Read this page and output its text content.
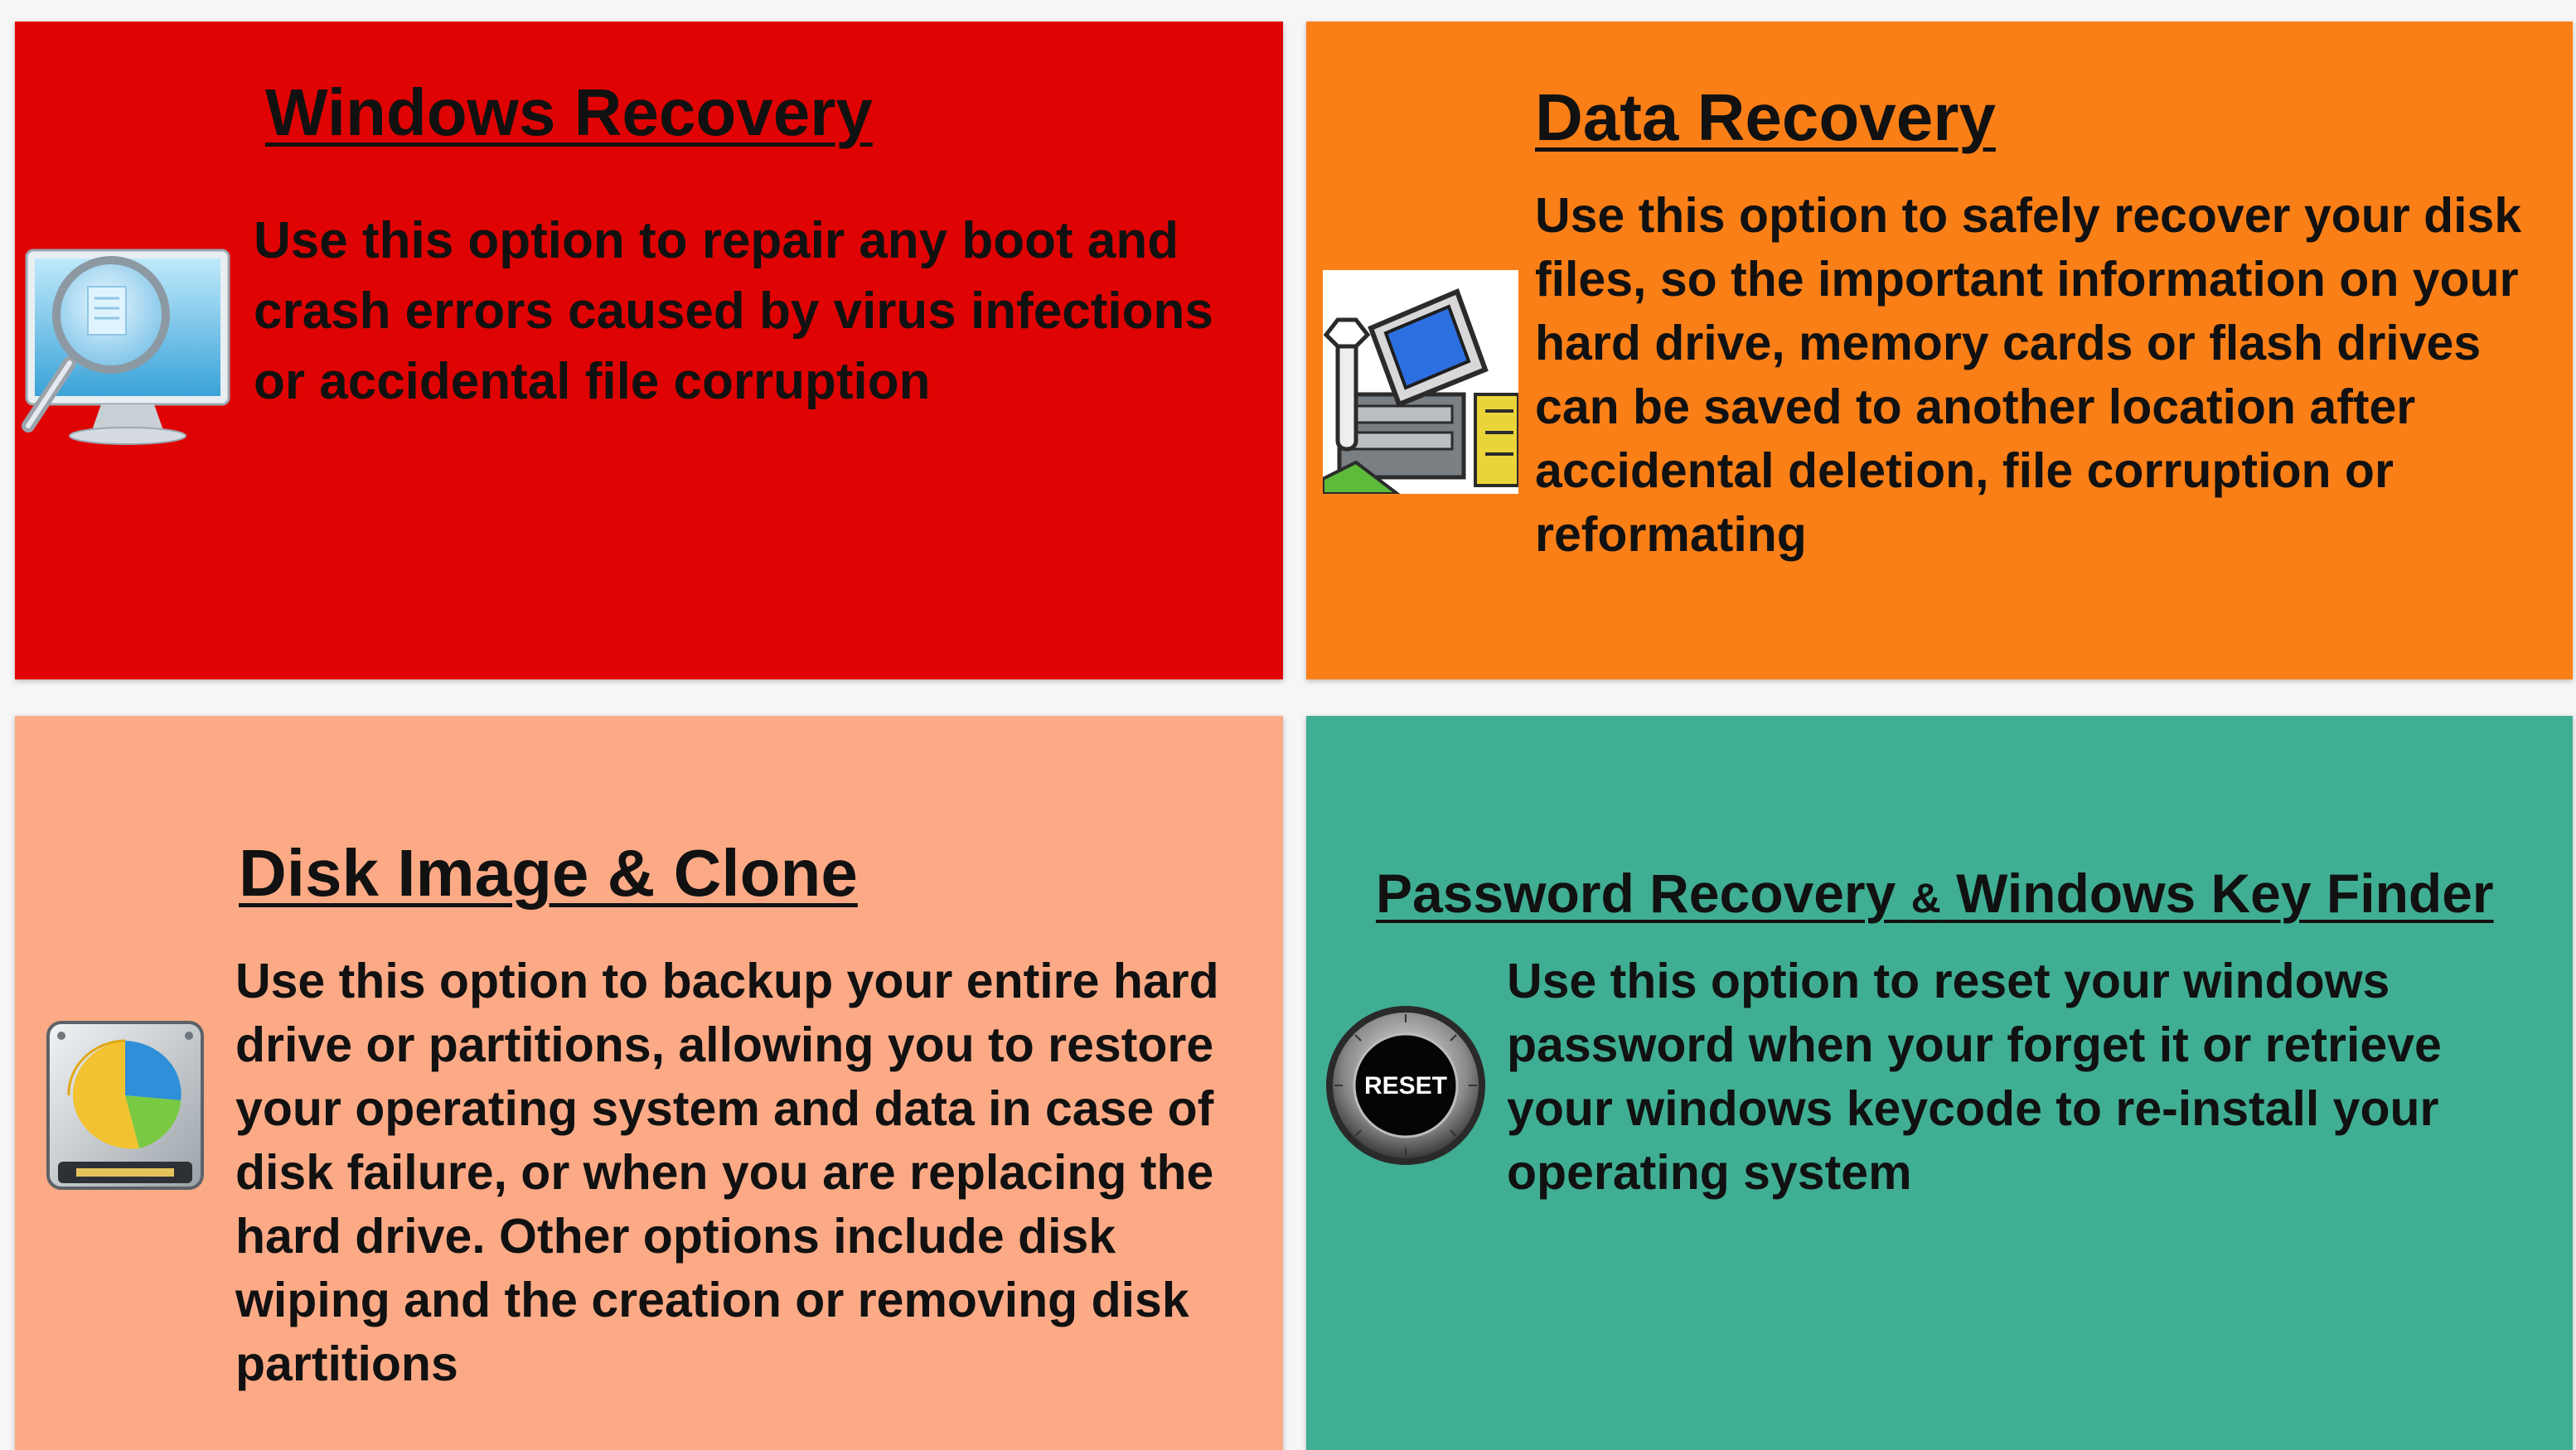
Windows Recovery

Use this option to repair any boot and crash errors caused by virus infections or accidental file corruption

Data Recovery

Use this option to safely recover your disk files, so the important information on your hard drive, memory cards or flash drives can be saved to another location after accidental deletion, file corruption or reformating

Disk Image & Clone

Use this option to backup your entire hard drive or partitions, allowing you to restore your operating system and data in case of disk failure, or when you are replacing the hard drive. Other options include disk wiping and the creation or removing disk partitions

RESET
Password Recovery & Windows Key Finder

Use this option to reset your windows password when your forget it or retrieve your windows keycode to re-install your operating system
